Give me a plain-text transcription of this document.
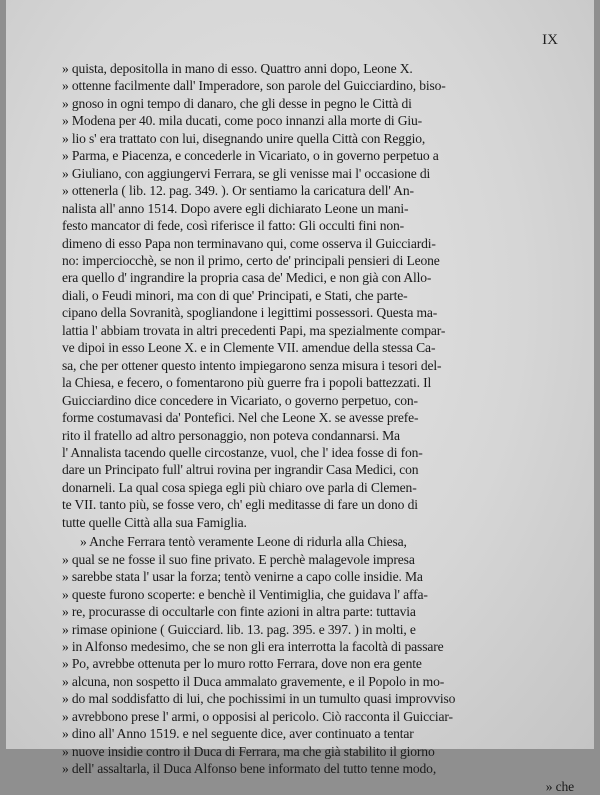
IX
» quista, depositolla in mano di esso. Quattro anni dopo, Leone X.
» ottenne facilmente dall' Imperadore, son parole del Guicciardino, biso-
» gnoso in ogni tempo di danaro, che gli desse in pegno le Città di
» Modena per 40. mila ducati, come poco innanzi alla morte di Giu-
» lio s' era trattato con lui, disegnando unire quella Città con Reggio,
» Parma, e Piacenza, e concederle in Vicariato, o in governo perpetuo a
» Giuliano, con aggiungervi Ferrara, se gli venisse mai l' occasione di
» ottenerla ( lib. 12. pag. 349. ). Or sentiamo la caricatura dell' An-
nalista all' anno 1514. Dopo avere egli dichiarato Leone un mani-
festo mancator di fede, così riferisce il fatto: Gli occulti fini non-
dimeno di esso Papa non terminavano qui, come osserva il Guicciardi-
no: imperciocchè, se non il primo, certo de' principali pensieri di Leone
era quello d' ingrandire la propria casa de' Medici, e non già con Allo-
diali, o Feudi minori, ma con di que' Principati, e Stati, che parte-
cipano della Sovranità, spogliandone i legittimi possessori. Questa ma-
lattia l' abbiam trovata in altri precedenti Papi, ma spezialmente compar-
ve dipoi in esso Leone X. e in Clemente VII. amendue della stessa Ca-
sa, che per ottener questo intento impiegarono senza misura i tesori del-
la Chiesa, e fecero, o fomentarono più guerre fra i popoli battezzati. Il
Guicciardino dice concedere in Vicariato, o governo perpetuo, con-
forme costumavasi da' Pontefici. Nel che Leone X. se avesse prefe-
rito il fratello ad altro personaggio, non poteva condannarsi. Ma
l' Annalista tacendo quelle circostanze, vuol, che l' idea fosse di fon-
dare un Principato full' altrui rovina per ingrandir Casa Medici, con
donarneli. La qual cosa spiega egli più chiaro ove parla di Clemen-
te VII. tanto più, se fosse vero, ch' egli meditasse di fare un dono di
tutte quelle Città alla sua Famiglia.
» Anche Ferrara tentò veramente Leone di ridurla alla Chiesa,
» qual se ne fosse il suo fine privato. E perchè malagevole impresa
» sarebbe stata l' usar la forza; tentò venirne a capo colle insidie. Ma
» queste furono scoperte: e benchè il Ventimiglia, che guidava l' affa-
» re, procurasse di occultarle con finte azioni in altra parte: tuttavia
» rimase opinione ( Guicciard. lib. 13. pag. 395. e 397. ) in molti, e
» in Alfonso medesimo, che se non gli era interrotta la facoltà di passare
» Po, avrebbe ottenuta per lo muro rotto Ferrara, dove non era gente
» alcuna, non sospetto il Duca ammalato gravemente, e il Popolo in mo-
» do mal soddisfatto di lui, che pochissimi in un tumulto quasi improvviso
» avrebbono prese l' armi, o opposisi al pericolo. Ciò racconta il Guicciar-
» dino all' Anno 1519. e nel seguente dice, aver continuato a tentar
» nuove insidie contro il Duca di Ferrara, ma che già stabilito il giorno
» dell' assaltarla, il Duca Alfonso bene informato del tutto tenne modo,
» che
